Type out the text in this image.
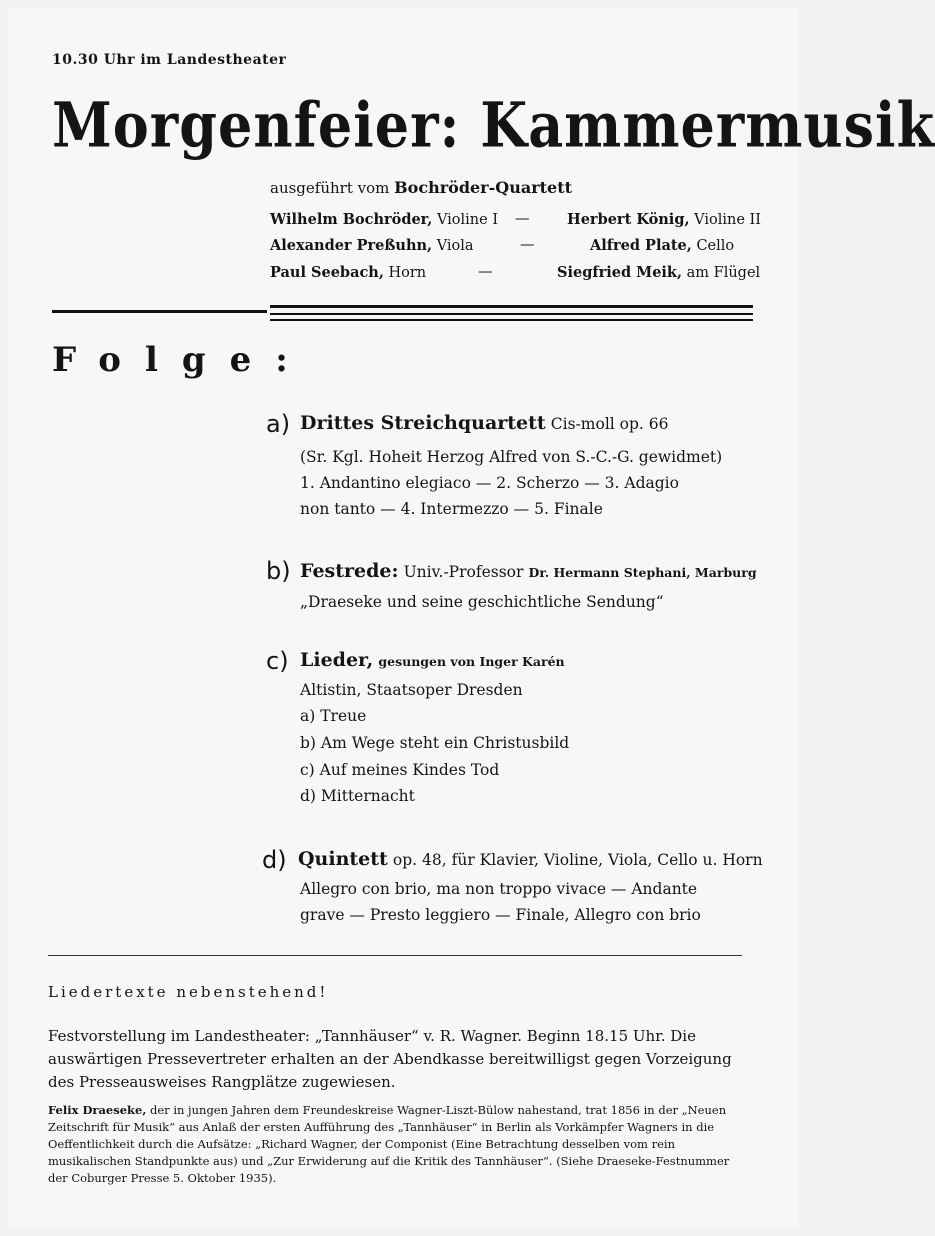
10.30 Uhr im Landestheater
Morgenfeier: Kammermusik
ausgeführt vom Bochröder-Quartett
Wilhelm Bochröder, Violine I —	Herbert König, Violine II
Alexander Preßuhn, Viola	—	Alfred Plate, Cello
Paul Seebach, Horn	—	Siegfried Meik, am Flügel
Folge:
a) Drittes Streichquartett Cis-moll op. 66
(Sr. Kgl. Hoheit Herzog Alfred von S.-C.-G. gewidmet)
1. Andantino elegiaco — 2. Scherzo — 3. Adagio
non tanto — 4. Intermezzo — 5. Finale
b) Festrede: Univ.-Professor Dr. Hermann Stephani, Marburg
„Draeseke und seine geschichtliche Sendung“
c) Lieder, gesungen von Inger Karén
Altistin, Staatsoper Dresden
a) Treue
b) Am Wege steht ein Christusbild
c) Auf meines Kindes Tod
d) Mitternacht
d) Quintett op. 48, für Klavier, Violine, Viola, Cello u. Horn
Allegro con brio, ma non troppo vivace — Andante
grave — Presto leggiero — Finale, Allegro con brio
Liedertexte nebenstehend!
Festvorstellung im Landestheater: „Tannhäuser“ v. R. Wagner. Beginn 18.15 Uhr. Die
auswärtigen Pressevertreter erhalten an der Abendkasse bereitwilligst gegen Vorzeigung
des Presseausweises Rangplätze zugewiesen.
Felix Draeseke, der in jungen Jahren dem Freundeskreise Wagner-Liszt-Bülow nahestand, trat 1856 in der „Neuen Zeitschrift für Musik“ aus Anlaß der ersten Aufführung des „Tannhäuser“ in Berlin als Vorkämpfer Wagners in die Oeffentlichkeit durch die Aufsätze: „Richard Wagner, der Componist (Eine Betrachtung desselben vom rein musikalischen Standpunkte aus) und „Zur Erwiderung auf die Kritik des Tannhäuser“. (Siehe Draeseke-Festnummer der Coburger Presse 5. Oktober 1935).
